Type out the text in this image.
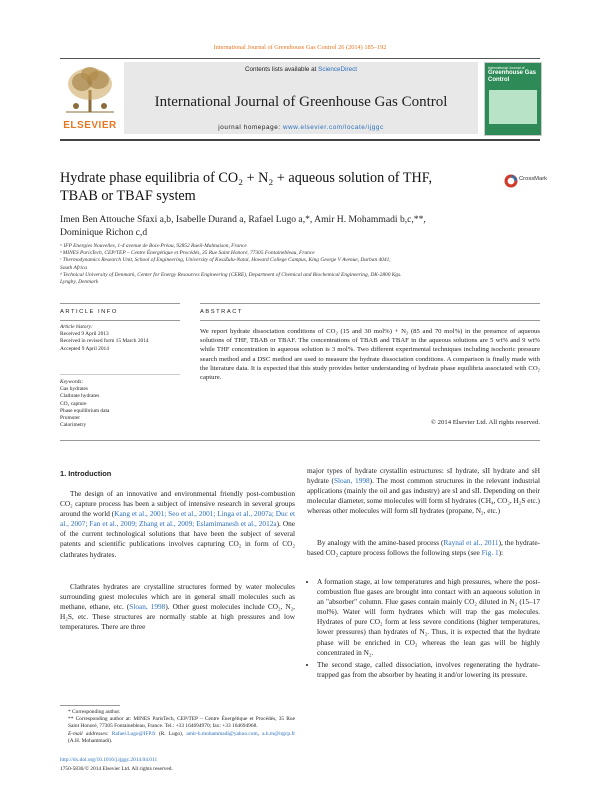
International Journal of Greenhouse Gas Control 26 (2014) 185–192
ELSEVIER
Contents lists available at ScienceDirect
International Journal of Greenhouse Gas Control
journal homepage: www.elsevier.com/locate/ijggc
International Journal of
Greenhouse Gas Control
Hydrate phase equilibria of CO₂ + N₂ + aqueous solution of THF,
TBAB or TBAF system
CrossMark
Imen Ben Attouche Sfaxi a,b, Isabelle Durand a, Rafael Lugo a,*, Amir H. Mohammadi b,c,**,
Dominique Richon c,d
ᵃ IFP Energies Nouvelles, 1-4 avenue de Bois-Préau, 92852 Rueil-Malmaison, France
ᵇ MINES ParisTech, CEP/TEP – Centre Énergétique et Procédés, 35 Rue Saint Honoré, 77305 Fontainebleau, France
ᶜ Thermodynamics Research Unit, School of Engineering, University of KwaZulu-Natal, Howard College Campus, King George V Avenue, Durban 4041,
South Africa
ᵈ Technical University of Denmark, Center for Energy Resources Engineering (CERE), Department of Chemical and Biochemical Engineering, DK-2800 Kgs.
Lyngby, Denmark
ARTICLE INFO
Article history:
Received 9 April 2013
Received in revised form 15 March 2014
Accepted 9 April 2014
Keywords:
Gas hydrates
Clathrate hydrates
CO₂ capture
Phase equilibrium data
Promoter
Calorimetry
ABSTRACT
We report hydrate dissociation conditions of CO₂ (15 and 30 mol%) + N₂ (85 and 70 mol%) in the presence of aqueous solutions of THF, TBAB or TBAF. The concentrations of TBAB and TBAF in the aqueous solutions are 5 wt% and 9 wt% while THF concentration in aqueous solution is 3 mol%. Two different experimental techniques including isochoric pressure search method and a DSC method are used to measure the hydrate dissociation conditions. A comparison is finally made with the literature data. It is expected that this study provides better understanding of hydrate phase equilibria associated with CO₂ capture.
© 2014 Elsevier Ltd. All rights reserved.
1. Introduction
The design of an innovative and environmental friendly post-combustion CO₂ capture process has been a subject of intensive research in several groups around the world (Kang et al., 2001; Seo et al., 2001; Linga et al., 2007a; Duc et al., 2007; Fan et al., 2009; Zhang et al., 2009; Eslamimanesh et al., 2012a). One of the current technological solutions that have been the subject of several patents and scientific publications involves capturing CO₂ in form of CO₂ clathrates hydrates.
Clathrates hydrates are crystalline structures formed by water molecules surrounding guest molecules which are in general small molecules such as methane, ethane, etc. (Sloan, 1998). Other guest molecules include CO₂, N₂, H₂S, etc. These structures are normally stable at high pressures and low temperatures. There are three
major types of hydrate crystallin estructures: sI hydrate, sII hydrate and sH hydrate (Sloan, 1998). The most common structures in the relevant industrial applications (mainly the oil and gas industry) are sI and sII. Depending on their molecular diameter, some molecules will form sI hydrates (CH₄, CO₂, H₂S etc.) whereas other molecules will form sII hydrates (propane, N₂, etc.)
By analogy with the amine-based process (Raynal et al., 2011), the hydrate-based CO₂ capture process follows the following steps (see Fig. 1):
• A formation stage, at low temperatures and high pressures, where the post-combustion flue gases are brought into contact with an aqueous solution in an "absorber" column. Flue gases contain mainly CO₂ diluted in N₂ (15–17 mol%). Water will form hydrates which will trap the gas molecules. Hydrates of pure CO₂ form at less severe conditions (higher temperatures, lower pressures) than hydrates of N₂. Thus, it is expected that the hydrate phase will be enriched in CO₂ whereas the lean gas will be highly concentrated in N₂.
• The second stage, called dissociation, involves regenerating the hydrate-trapped gas from the absorber by heating it and/or lowering its pressure.
* Corresponding author.
** Corresponding author at: MINES ParisTech, CEP/TEP – Centre Énergétique et Procédés, 35 Rue Saint Honoré, 77305 Fontainebleau, France. Tel.: +33 164694970; fax: +33 164694968.
E-mail addresses: Rafael.Lugo@IFP.fr (R. Lugo), amir-h.mohammadi@yahoo.com, a.h.m@irgcp.fr (A.H. Mohammadi).
http://dx.doi.org/10.1016/j.ijggc.2014.04.011
1750-5836/© 2014 Elsevier Ltd. All rights reserved.
